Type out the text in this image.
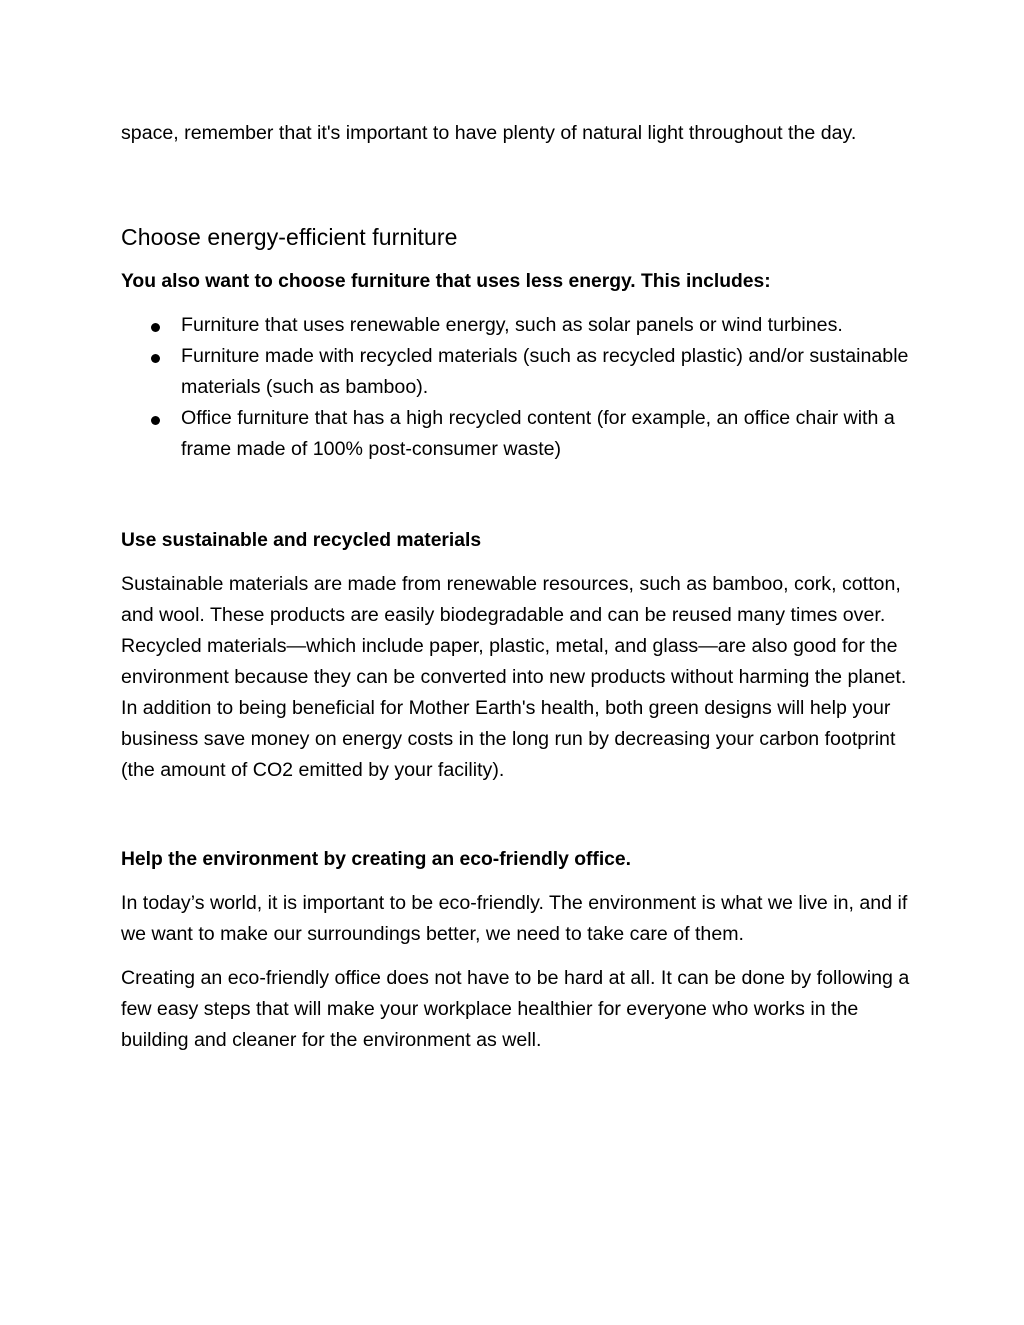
space, remember that it's important to have plenty of natural light throughout the day.

Choose energy-efficient furniture

You also want to choose furniture that uses less energy. This includes:

Furniture that uses renewable energy, such as solar panels or wind turbines.
Furniture made with recycled materials (such as recycled plastic) and/or sustainable materials (such as bamboo).
Office furniture that has a high recycled content (for example, an office chair with a frame made of 100% post-consumer waste)
Use sustainable and recycled materials

Sustainable materials are made from renewable resources, such as bamboo, cork, cotton, and wool. These products are easily biodegradable and can be reused many times over. Recycled materials—which include paper, plastic, metal, and glass—are also good for the environment because they can be converted into new products without harming the planet. In addition to being beneficial for Mother Earth's health, both green designs will help your business save money on energy costs in the long run by decreasing your carbon footprint (the amount of CO2 emitted by your facility).

Help the environment by creating an eco-friendly office.

In today’s world, it is important to be eco-friendly. The environment is what we live in, and if we want to make our surroundings better, we need to take care of them.

Creating an eco-friendly office does not have to be hard at all. It can be done by following a few easy steps that will make your workplace healthier for everyone who works in the building and cleaner for the environment as well.
